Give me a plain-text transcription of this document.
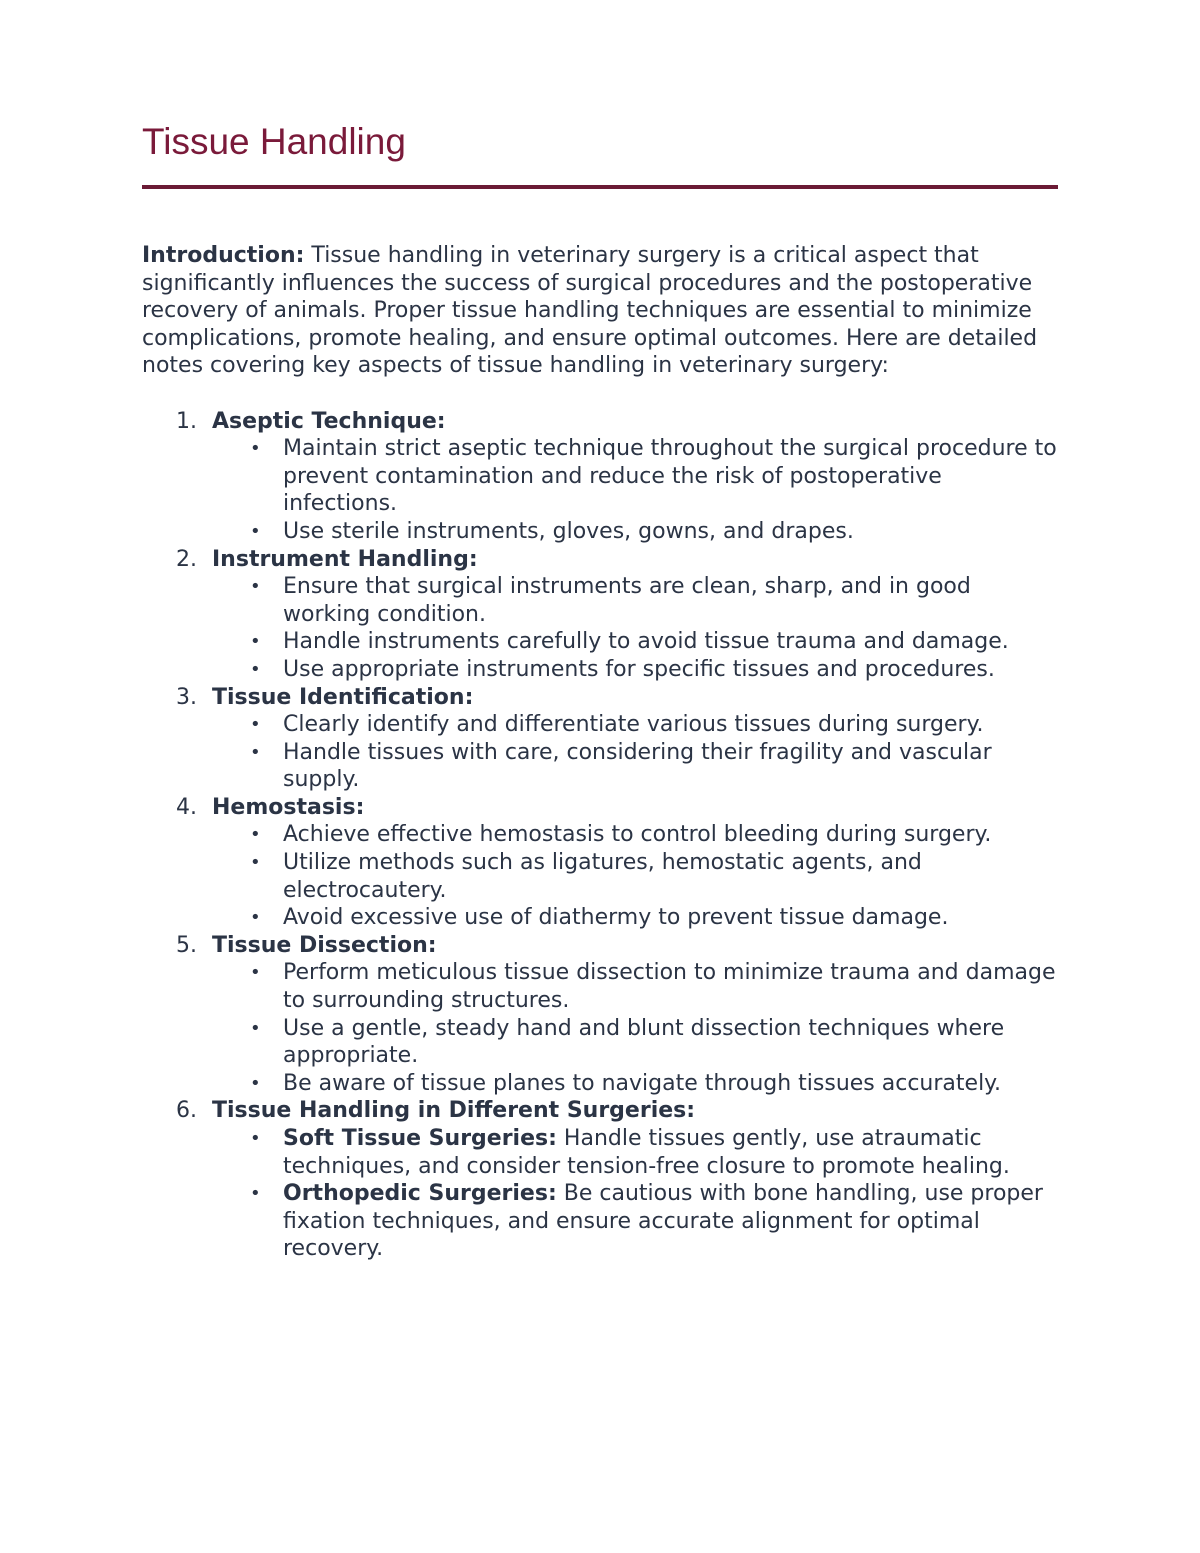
Tissue Handling

Introduction: Tissue handling in veterinary surgery is a critical aspect that significantly influences the success of surgical procedures and the postoperative recovery of animals. Proper tissue handling techniques are essential to minimize complications, promote healing, and ensure optimal outcomes. Here are detailed notes covering key aspects of tissue handling in veterinary surgery:

1. Aseptic Technique:
• Maintain strict aseptic technique throughout the surgical procedure to prevent contamination and reduce the risk of postoperative infections.
• Use sterile instruments, gloves, gowns, and drapes.
2. Instrument Handling:
• Ensure that surgical instruments are clean, sharp, and in good working condition.
• Handle instruments carefully to avoid tissue trauma and damage.
• Use appropriate instruments for specific tissues and procedures.
3. Tissue Identification:
• Clearly identify and differentiate various tissues during surgery.
• Handle tissues with care, considering their fragility and vascular supply.
4. Hemostasis:
• Achieve effective hemostasis to control bleeding during surgery.
• Utilize methods such as ligatures, hemostatic agents, and electrocautery.
• Avoid excessive use of diathermy to prevent tissue damage.
5. Tissue Dissection:
• Perform meticulous tissue dissection to minimize trauma and damage to surrounding structures.
• Use a gentle, steady hand and blunt dissection techniques where appropriate.
• Be aware of tissue planes to navigate through tissues accurately.
6. Tissue Handling in Different Surgeries:
• Soft Tissue Surgeries: Handle tissues gently, use atraumatic techniques, and consider tension-free closure to promote healing.
• Orthopedic Surgeries: Be cautious with bone handling, use proper fixation techniques, and ensure accurate alignment for optimal recovery.
